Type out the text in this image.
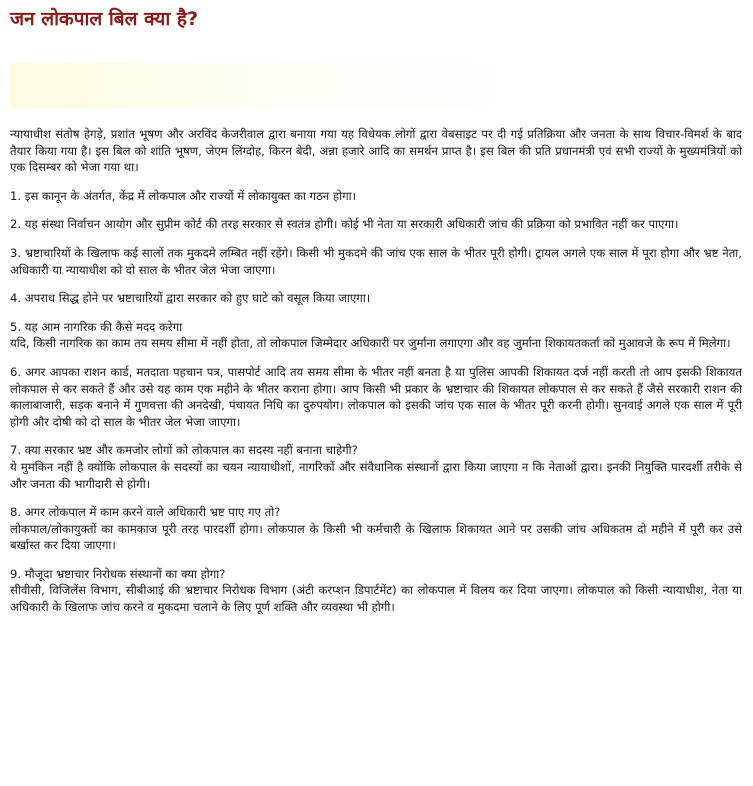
जन लोकपाल बिल क्या है?

न्यायाधीश संतोष हेगड़े, प्रशांत भूषण और अरविंद केजरीवाल द्वारा बनाया गया यह विधेयक लोगों द्वारा वेबसाइट पर दी गई प्रतिक्रिया और जनता के साथ विचार-विमर्श के बाद तैयार किया गया है। इस बिल को शांति भूषण, जेएम लिंग्दोह, किरन बेदी, अन्ना हजारे आदि का समर्थन प्राप्त है। इस बिल की प्रति प्रधानमंत्री एवं सभी राज्यों के मुख्यमंत्रियों को एक दिसम्बर को भेजा गया था।

1. इस कानून के अंतर्गत, केंद्र में लोकपाल और राज्यों में लोकायुक्त का गठन होगा।

2. यह संस्था निर्वाचन आयोग और सुप्रीम कोर्ट की तरह सरकार से स्वतंत्र होगी। कोई भी नेता या सरकारी अधिकारी जांच की प्रक्रिया को प्रभावित नहीं कर पाएगा।

3. भ्रष्टाचारियों के खिलाफ कई सालों तक मुकदमे लम्बित नहीं रहेंगे। किसी भी मुकदमे की जांच एक साल के भीतर पूरी होगी। ट्रायल अगले एक साल में पूरा होगा और भ्रष्ट नेता, अधिकारी या न्यायाधीश को दो साल के भीतर जेल भेजा जाएगा।

4. अपराध सिद्ध होने पर भ्रष्टाचारियों द्वारा सरकार को हुए घाटे को वसूल किया जाएगा।

5. यह आम नागरिक की कैसे मदद करेगा
यदि, किसी नागरिक का काम तय समय सीमा में नहीं होता, तो लोकपाल जिम्मेदार अधिकारी पर जुर्माना लगाएगा और वह जुर्माना शिकायतकर्ता को मुआवजे के रूप में मिलेगा।

6. अगर आपका राशन कार्ड, मतदाता पहचान पत्र, पासपोर्ट आदि तय समय सीमा के भीतर नहीं बनता है या पुलिस आपकी शिकायत दर्ज नहीं करती तो आप इसकी शिकायत लोकपाल से कर सकते हैं और उसे यह काम एक महीने के भीतर कराना होगा। आप किसी भी प्रकार के भ्रष्टाचार की शिकायत लोकपाल से कर सकते हैं जैसे सरकारी राशन की कालाबाजारी, सड़क बनाने में गुणवत्ता की अनदेखी, पंचायत निधि का दुरुपयोग। लोकपाल को इसकी जांच एक साल के भीतर पूरी करनी होगी। सुनवाई अगले एक साल में पूरी होगी और दोषी को दो साल के भीतर जेल भेजा जाएगा।

7. क्या सरकार भ्रष्ट और कमजोर लोगों को लोकपाल का सदस्य नहीं बनाना चाहेगी?
ये मुमकिन नहीं है क्योंकि लोकपाल के सदस्यों का चयन न्यायाधीशों, नागरिकों और संवैधानिक संस्थानों द्वारा किया जाएगा न कि नेताओं द्वारा। इनकी नियुक्ति पारदर्शी तरीके से और जनता की भागीदारी से होगी।
8. अगर लोकपाल में काम करने वाले अधिकारी भ्रष्ट पाए गए तो?
लोकपाल/लोकायुक्तों का कामकाज पूरी तरह पारदर्शी होगा। लोकपाल के किसी भी कर्मचारी के खिलाफ शिकायत आने पर उसकी जांच अधिकतम दो महीने में पूरी कर उसे बर्खास्त कर दिया जाएगा।
9. मौजूदा भ्रष्टाचार निरोधक संस्थानों का क्या होगा?
सीवीसी, विजिलेंस विभाग, सीबीआई की भ्रष्टाचार निरोधक विभाग (अंटी करप्शन डिपार्टमेंट) का लोकपाल में विलय कर दिया जाएगा। लोकपाल को किसी न्यायाधीश, नेता या अधिकारी के खिलाफ जांच करने व मुकदमा चलाने के लिए पूर्ण शक्ति और व्यवस्था भी होगी।
